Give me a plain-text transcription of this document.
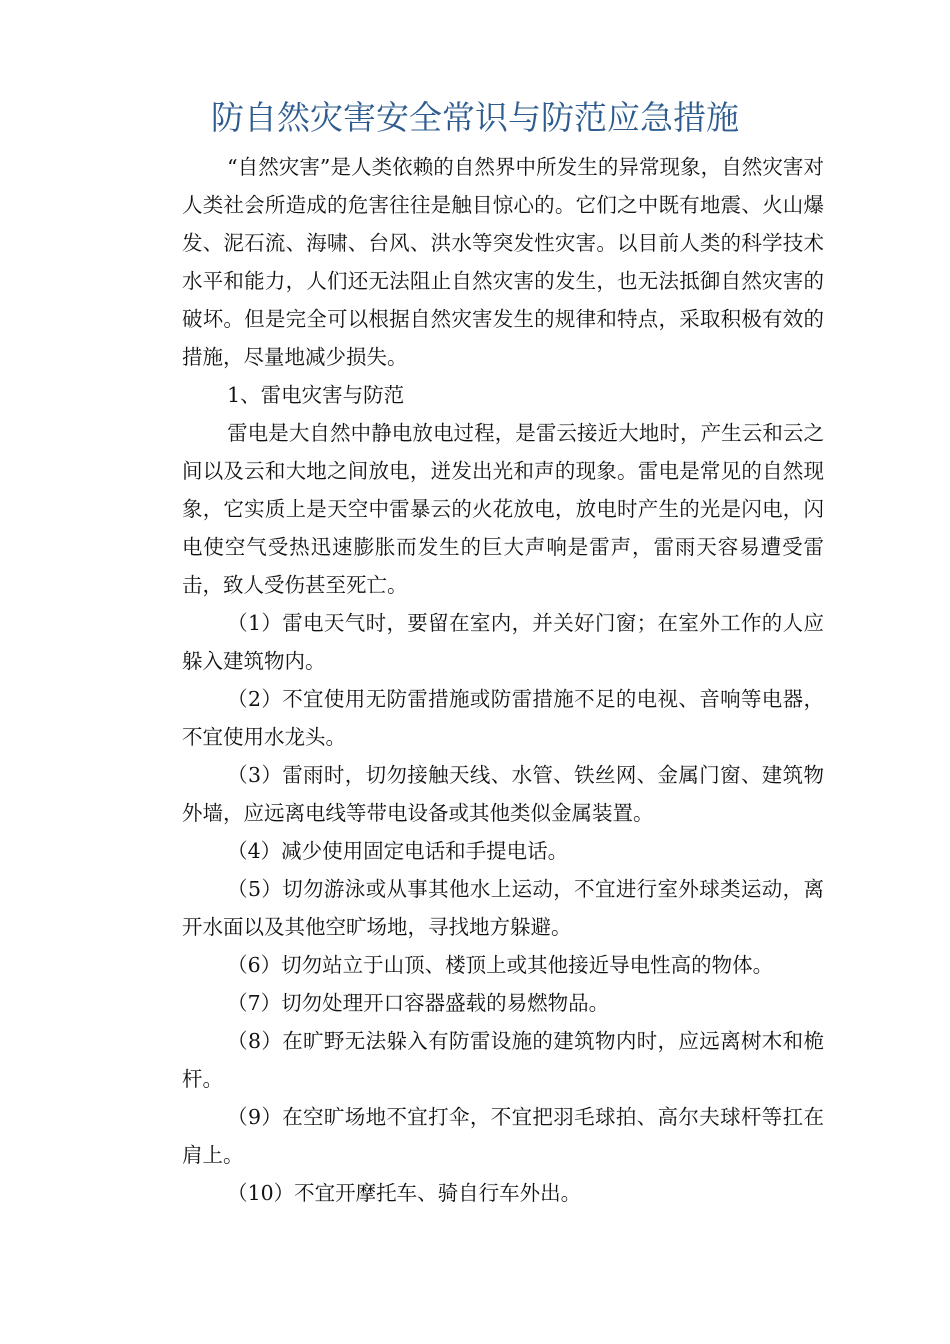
防自然灾害安全常识与防范应急措施

“自然灾害”是人类依赖的自然界中所发生的异常现象，自然灾害对人类社会所造成的危害往往是触目惊心的。它们之中既有地震、火山爆发、泥石流、海啸、台风、洪水等突发性灾害。以目前人类的科学技术水平和能力，人们还无法阻止自然灾害的发生，也无法抵御自然灾害的破坏。但是完全可以根据自然灾害发生的规律和特点，采取积极有效的措施，尽量地减少损失。

1、雷电灾害与防范

雷电是大自然中静电放电过程，是雷云接近大地时，产生云和云之间以及云和大地之间放电，迸发出光和声的现象。雷电是常见的自然现象，它实质上是天空中雷暴云的火花放电，放电时产生的光是闪电，闪电使空气受热迅速膨胀而发生的巨大声响是雷声，雷雨天容易遭受雷击，致人受伤甚至死亡。

（1）雷电天气时，要留在室内，并关好门窗；在室外工作的人应躲入建筑物内。

（2）不宜使用无防雷措施或防雷措施不足的电视、音响等电器，不宜使用水龙头。

（3）雷雨时，切勿接触天线、水管、铁丝网、金属门窗、建筑物外墙，应远离电线等带电设备或其他类似金属装置。

（4）减少使用固定电话和手提电话。

（5）切勿游泳或从事其他水上运动，不宜进行室外球类运动，离开水面以及其他空旷场地，寻找地方躲避。

（6）切勿站立于山顶、楼顶上或其他接近导电性高的物体。

（7）切勿处理开口容器盛载的易燃物品。

（8）在旷野无法躲入有防雷设施的建筑物内时，应远离树木和桅杆。

（9）在空旷场地不宜打伞，不宜把羽毛球拍、高尔夫球杆等扛在肩上。

（10）不宜开摩托车、骑自行车外出。
